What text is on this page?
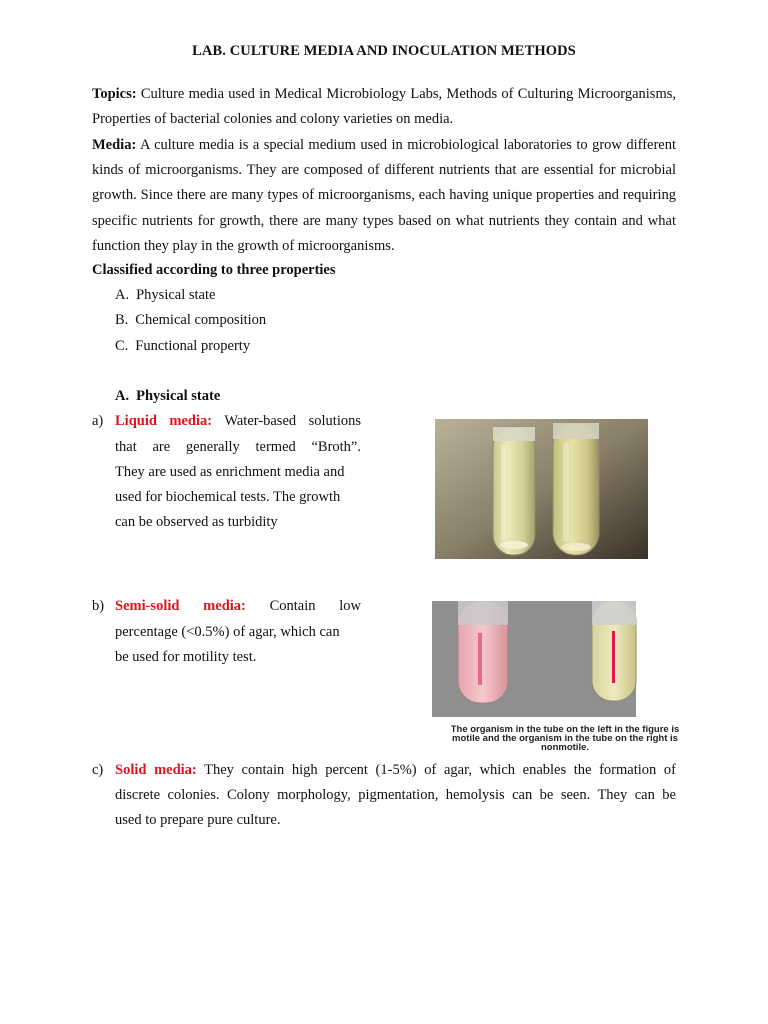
LAB. CULTURE MEDIA AND INOCULATION METHODS
Topics: Culture media used in Medical Microbiology Labs, Methods of Culturing Microorganisms, Properties of bacterial colonies and colony varieties on media.
Media: A culture media is a special medium used in microbiological laboratories to grow different kinds of microorganisms. They are composed of different nutrients that are essential for microbial growth. Since there are many types of microorganisms, each having unique properties and requiring specific nutrients for growth, there are many types based on what nutrients they contain and what function they play in the growth of microorganisms.
Classified according to three properties
A. Physical state
B. Chemical composition
C. Functional property
A. Physical state
a) Liquid media: Water-based solutions
that are generally termed “Broth”.
They are used as enrichment media and
used for biochemical tests. The growth
can be observed as turbidity
b) Semi-solid media: Contain low
percentage (<0.5%) of agar, which can
be used for motility test.
The organism in the tube on the left in the figure is motile and the organism in the tube on the right is nonmotile.
c) Solid media: They contain high percent (1-5%) of agar, which enables the formation of
discrete colonies. Colony morphology, pigmentation, hemolysis can be seen. They can be
used to prepare pure culture.
